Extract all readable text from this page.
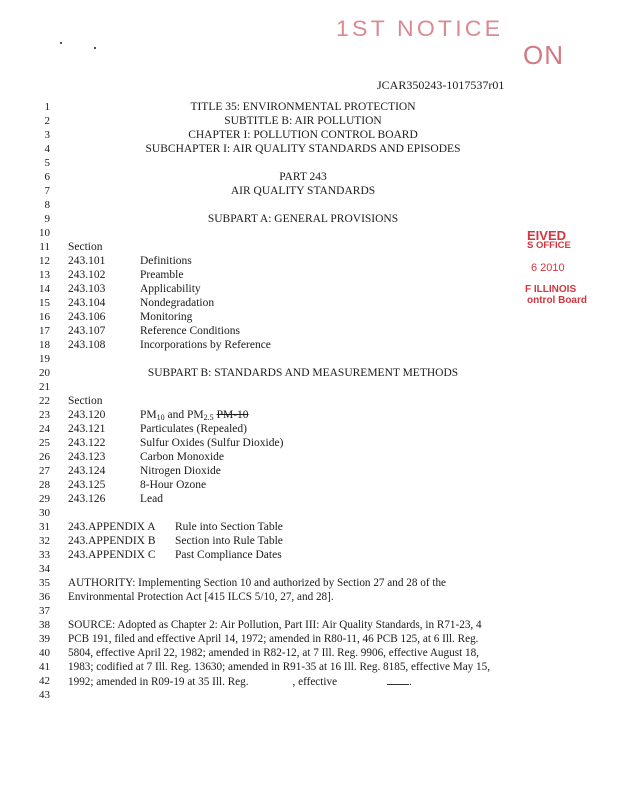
1ST NOTICE
ON
EIVED
S OFFICE
6 2010
F ILLINOIS
ontrol Board
JCAR350243-1017537r01
1
2
3
4
5
6
7
8
9
10
11
12
13
14
15
16
17
18
19
20
21
22
23
24
25
26
27
28
29
30
31
32
33
34
35
36
37
38
39
40
41
42
43
TITLE 35: ENVIRONMENTAL PROTECTION
SUBTITLE B: AIR POLLUTION
CHAPTER I: POLLUTION CONTROL BOARD
SUBCHAPTER I: AIR QUALITY STANDARDS AND EPISODES
PART 243
AIR QUALITY STANDARDS
SUBPART A: GENERAL PROVISIONS
Section
243.101	Definitions
243.102	Preamble
243.103	Applicability
243.104	Nondegradation
243.106	Monitoring
243.107	Reference Conditions
243.108	Incorporations by Reference
SUBPART B: STANDARDS AND MEASUREMENT METHODS
Section
243.120	$PM_{10}$ and $PM_{2.5}$ PM-10
243.121	Particulates (Repealed)
243.122	Sulfur Oxides (Sulfur Dioxide)
243.123	Carbon Monoxide
243.124	Nitrogen Dioxide
243.125	8-Hour Ozone
243.126	Lead
243.APPENDIX A Rule into Section Table
243.APPENDIX B Section into Rule Table
243.APPENDIX C Past Compliance Dates
AUTHORITY: Implementing Section 10 and authorized by Section 27 and 28 of the
Environmental Protection Act [415 ILCS 5/10, 27, and 28].
SOURCE: Adopted as Chapter 2: Air Pollution, Part III: Air Quality Standards, in R71-23, 4
PCB 191, filed and effective April 14, 1972; amended in R80-11, 46 PCB 125, at 6 Ill. Reg.
5804, effective April 22, 1982; amended in R82-12, at 7 Ill. Reg. 9906, effective August 18,
1983; codified at 7 Ill. Reg. 13630; amended in R91-35 at 16 Ill. Reg. 8185, effective May 15,
1992; amended in R09-19 at 35 Ill. Reg.	, effective	.
